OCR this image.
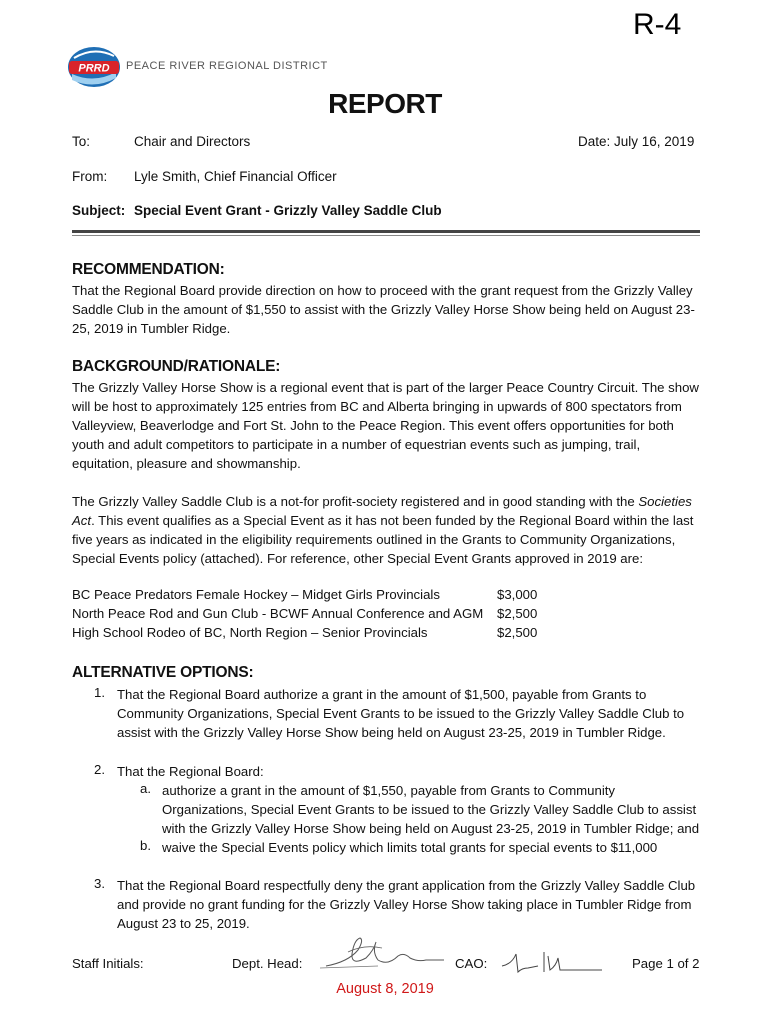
R-4
PRRD PEACE RIVER REGIONAL DISTRICT
REPORT
To:	Chair and Directors	Date: July 16, 2019
From: Lyle Smith, Chief Financial Officer
Subject: Special Event Grant - Grizzly Valley Saddle Club
RECOMMENDATION:
That the Regional Board provide direction on how to proceed with the grant request from the Grizzly Valley
Saddle Club in the amount of $1,550 to assist with the Grizzly Valley Horse Show being held on August 23-
25, 2019 in Tumbler Ridge.
BACKGROUND/RATIONALE:
The Grizzly Valley Horse Show is a regional event that is part of the larger Peace Country Circuit. The show
will be host to approximately 125 entries from BC and Alberta bringing in upwards of 800 spectators from
Valleyview, Beaverlodge and Fort St. John to the Peace Region. This event offers opportunities for both
youth and adult competitors to participate in a number of equestrian events such as jumping, trail,
equitation, pleasure and showmanship.
The Grizzly Valley Saddle Club is a not-for profit-society registered and in good standing with the Societies
Act. This event qualifies as a Special Event as it has not been funded by the Regional Board within the last
five years as indicated in the eligibility requirements outlined in the Grants to Community Organizations,
Special Events policy (attached). For reference, other Special Event Grants approved in 2019 are:
BC Peace Predators Female Hockey – Midget Girls Provincials	$3,000
North Peace Rod and Gun Club - BCWF Annual Conference and AGM $2,500
High School Rodeo of BC, North Region – Senior Provincials	$2,500
ALTERNATIVE OPTIONS:
1. That the Regional Board authorize a grant in the amount of $1,500, payable from Grants to
Community Organizations, Special Event Grants to be issued to the Grizzly Valley Saddle Club to
assist with the Grizzly Valley Horse Show being held on August 23-25, 2019 in Tumbler Ridge.
2. That the Regional Board:
a. authorize a grant in the amount of $1,550, payable from Grants to Community
Organizations, Special Event Grants to be issued to the Grizzly Valley Saddle Club to assist
with the Grizzly Valley Horse Show being held on August 23-25, 2019 in Tumbler Ridge; and
b. waive the Special Events policy which limits total grants for special events to $11,000
3. That the Regional Board respectfully deny the grant application from the Grizzly Valley Saddle Club
and provide no grant funding for the Grizzly Valley Horse Show taking place in Tumbler Ridge from
August 23 to 25, 2019.
Staff Initials:	Dept. Head:	CAO:	Page 1 of 2
August 8, 2019
